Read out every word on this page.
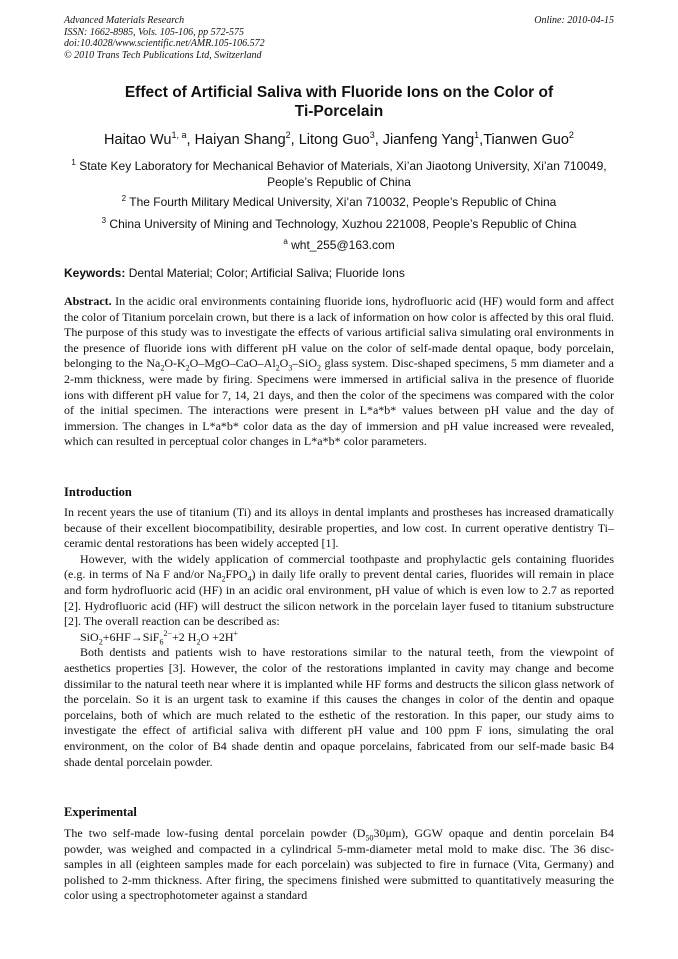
Advanced Materials Research
ISSN: 1662-8985, Vols. 105-106, pp 572-575
doi:10.4028/www.scientific.net/AMR.105-106.572
© 2010 Trans Tech Publications Ltd, Switzerland
Online: 2010-04-15
Effect of Artificial Saliva with Fluoride Ions on the Color of
Ti-Porcelain
Haitao Wu$^{1, a}$, Haiyan Shang$^2$, Litong Guo$^3$, Jianfeng Yang$^1$,Tianwen Guo$^2$
$^1$ State Key Laboratory for Mechanical Behavior of Materials, Xi’an Jiaotong University, Xi’an 710049, People’s Republic of China
$^2$ The Fourth Military Medical University, Xi’an 710032, People’s Republic of China
$^3$ China University of Mining and Technology, Xuzhou 221008, People’s Republic of China
$^a$ wht_255@163.com
Keywords: Dental Material; Color; Artificial Saliva; Fluoride Ions
Abstract. In the acidic oral environments containing fluoride ions, hydrofluoric acid (HF) would form and affect the color of Titanium porcelain crown, but there is a lack of information on how color is affected by this oral fluid. The purpose of this study was to investigate the effects of various artificial saliva simulating oral environments in the presence of fluoride ions with different pH value on the color of self-made dental opaque, body porcelain, belonging to the $Na_2O-K_2O-MgO-CaO-Al_2O_3-SiO_2$ glass system. Disc-shaped specimens, 5 mm diameter and a 2-mm thickness, were made by firing. Specimens were immersed in artificial saliva in the presence of fluoride ions with different pH value for 7, 14, 21 days, and then the color of the specimens was compared with the color of the initial specimen. The interactions were present in L*a*b* values between pH value and the day of immersion. The changes in L*a*b* color data as the day of immersion and pH value increased were revealed, which can resulted in perceptual color changes in L*a*b* color parameters.
Introduction
In recent years the use of titanium (Ti) and its alloys in dental implants and prostheses has increased dramatically because of their excellent biocompatibility, desirable properties, and low cost. In current operative dentistry Ti–ceramic dental restorations has been widely accepted [1].
However, with the widely application of commercial toothpaste and prophylactic gels containing fluorides (e.g. in terms of Na F and/or $Na_2FPO_4$) in daily life orally to prevent dental caries, fluorides will remain in place and form hydrofluoric acid (HF) in an acidic oral environment, pH value of which is even low to 2.7 as reported [2]. Hydrofluoric acid (HF) will destruct the silicon network in the porcelain layer fused to titanium substructure [2]. The overall reaction can be described as:
SiO$_2$+6HF→SiF$_6^{2-}$+2 $H_2O +2H^+$
Both dentists and patients wish to have restorations similar to the natural teeth, from the viewpoint of aesthetics properties [3]. However, the color of the restorations implanted in cavity may change and become dissimilar to the natural teeth near where it is implanted while HF forms and destructs the silicon glass network of the porcelain. So it is an urgent task to examine if this causes the changes in color of the dentin and opaque porcelains, both of which are much related to the esthetic of the restoration. In this paper, our study aims to investigate the effect of artificial saliva with different pH value and 100 ppm F ions, simulating the oral environment, on the color of B4 shade dentin and opaque porcelains, fabricated from our self-made basic B4 shade dental porcelain powder.
Experimental
The two self-made low-fusing dental porcelain powder $(D_{50}30\mu m)$, GGW opaque and dentin porcelain B4 powder, was weighed and compacted in a cylindrical 5-mm-diameter metal mold to make disc. The 36 disc-samples in all (eighteen samples made for each porcelain) was subjected to fire in furnace (Vita, Germany) and polished to 2-mm thickness. After firing, the specimens finished were submitted to quantitatively measuring the color using a spectrophotometer against a standard
